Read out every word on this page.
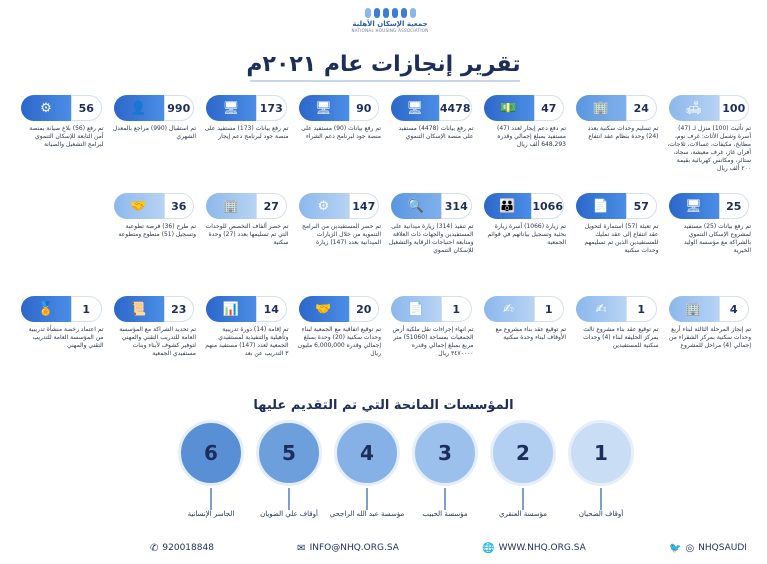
جمعية الإسكان الأهلية
NATIONAL HOUSING ASSOCIATION
تقرير إنجازات عام ٢٠٢١م
🛋	100
تم تأثيث (100) منزل لـ (47) أسرة وشمل الأثاث: غرف نوم، مطابخ، مكيفات، غسالات، ثلاجات، أفران غاز، غرف معيشة، سجاد، ستائر، ومكانس كهربائية بقيمة ٢٠٠ ألف ريال
🏢	24
تم تسليم وحدات سكنية بعدد (24) وحدة بنظام عقد انتفاع
💵	47
تم دفع دعم إيجار لعدد (47) مستفيد بمبلغ إجمالي وقدره 648,293 ألف ريال
🖥	4478
تم رفع بيانات (4478) مستفيد على منصة الإسكان التنموي
🖥	90
تم رفع بيانات (90) مستفيد على منصة جود لبرنامج دعم الشراء
🖥	173
تم رفع بيانات (173) مستفيد على منصة جود لبرنامج دعم إيجار
👤	990
تم استقبال (990) مراجع بالمعدل الشهري
⚙	56
تم رفع (56) بلاغ صيانة بمنصة أمن التابعة للإسكان التنموي لبرامج التشغيل والصيانة
🖥	25
تم رفع بيانات (25) مستفيد لمشروع الإسكان التنموي بالشراكة مع مؤسسة الوليد الخيرية
📄	57
تم تعبئة (57) استمارة لتحويل عقد انتفاع إلى عقد تمليك للمستفيدين الذين تم تسليمهم وحدات سكنية
👪	1066
تم زيارة (1066) أسرة زيارة بحثية وتسجيل بياناتهم في قوائم الجمعية
🔍	314
تم تنفيذ (314) زيارة ميدانية على المستفيدين والجهات ذات العلاقة ومتابعة احتياجات الرقابة والتشغيل للإسكان التنموي
⚙	147
تم حصر المستفيدين من البرامج التنموية من خلال الزيارات الميدانية بعدد (147) زيارة
🏢	27
تم حصر ألفاف التخصص للوحدات التي تم تسليمها بعدد (27) وحدة سكنية
🤝	36
تم طرح (36) فرصة تطوعية وتسجيل (51) متطوع ومتطوعة
🏢	4
تم إنجاز المرحلة الثالثة لبناء أربع وحدات سكنية بمركز الشقراء من إجمالي (4) مراحل للمشروع
✍	1
تم توقيع عقد بناء مشروع ثالث بمركز الحليفة لبناء (4) وحدات سكنية للمستفيدين
✍	1
تم توقيع عقد بناء مشروع مع الأوقاف لبناء وحدة سكنية
📄	1
تم انهاء إجراءات نقل ملكية أرض الجمعيات بمساحة (51060) متر مربع بمبلغ إجمالي وقدره ٣٤٧٠٠٠٠ ريال
🤝	20
تم توقيع اتفاقية مع الجمعية لبناء وحدات سكنية (20) وحدة بمبلغ إجمالي وقدره 6,000,000 مليون ريال
📊	14
تم إقامة (14) دورة تدريبية وتأهيلية والتنفيذية لمستفيدي الجمعية لعدد (147) مستفيد منهم ٣ التدريب عن بعد
📜	23
تم تحديد الشراكة مع المؤسسة العامة للتدريب التقني والمهني لتوفير كشوف لأبناء وبنات مستفيدي الجمعية
🏅	1
تم اعتماد رخصة منشأة تدريبية من المؤسسة العامة للتدريب التقني والمهني
المؤسسات المانحة التي تم التقديم عليها
1
أوقاف الضحيان
2
مؤسسة العنقري
3
مؤسسة الحبيب
4
مؤسسة عبد الله الراجحي
5
أوقاف علي الضويان
6
الجاسر الإنسانية
✆ 920018848	✉ INFO@NHQ.ORG.SA	🌐 WWW.NHQ.ORG.SA	🐦 ◎ NHQSAUDI
